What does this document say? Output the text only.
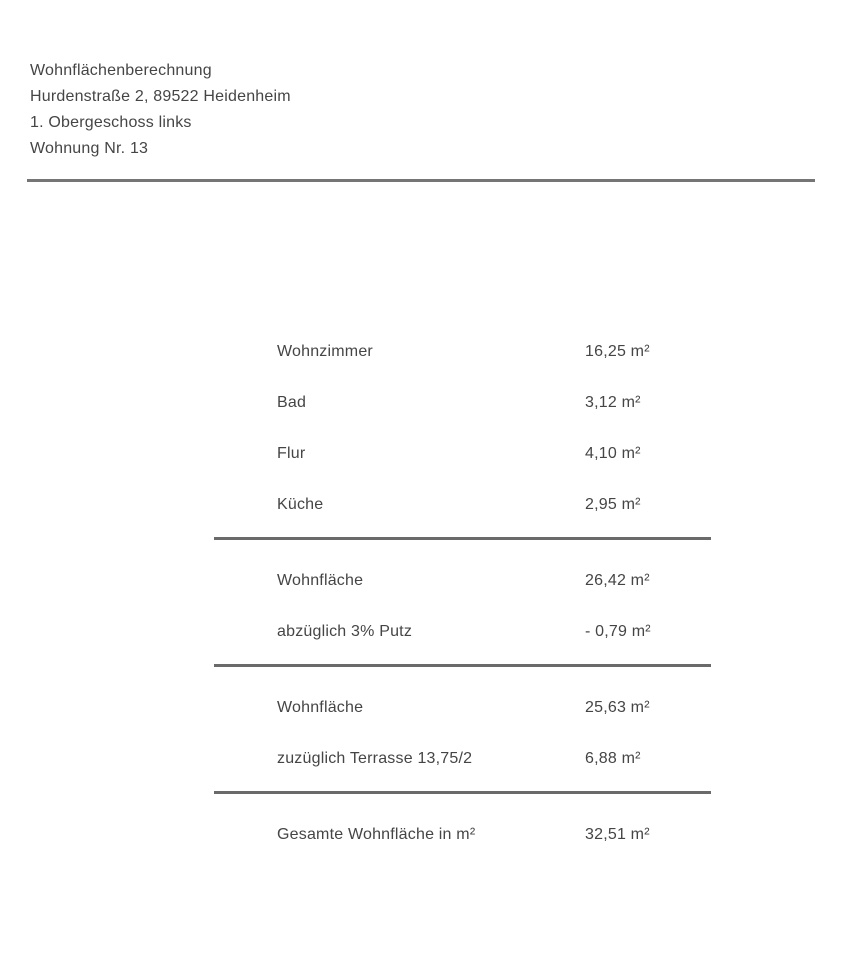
Wohnflächenberechnung
Hurdenstraße 2, 89522 Heidenheim
1. Obergeschoss links
Wohnung Nr. 13
Wohnzimmer	16,25 m²
Bad	3,12 m²
Flur	4,10 m²
Küche	2,95 m²
Wohnfläche	26,42 m²
abzüglich 3% Putz	- 0,79 m²
Wohnfläche	25,63 m²
zuzüglich Terrasse 13,75/2	6,88 m²
Gesamte Wohnfläche in m²	32,51 m²
